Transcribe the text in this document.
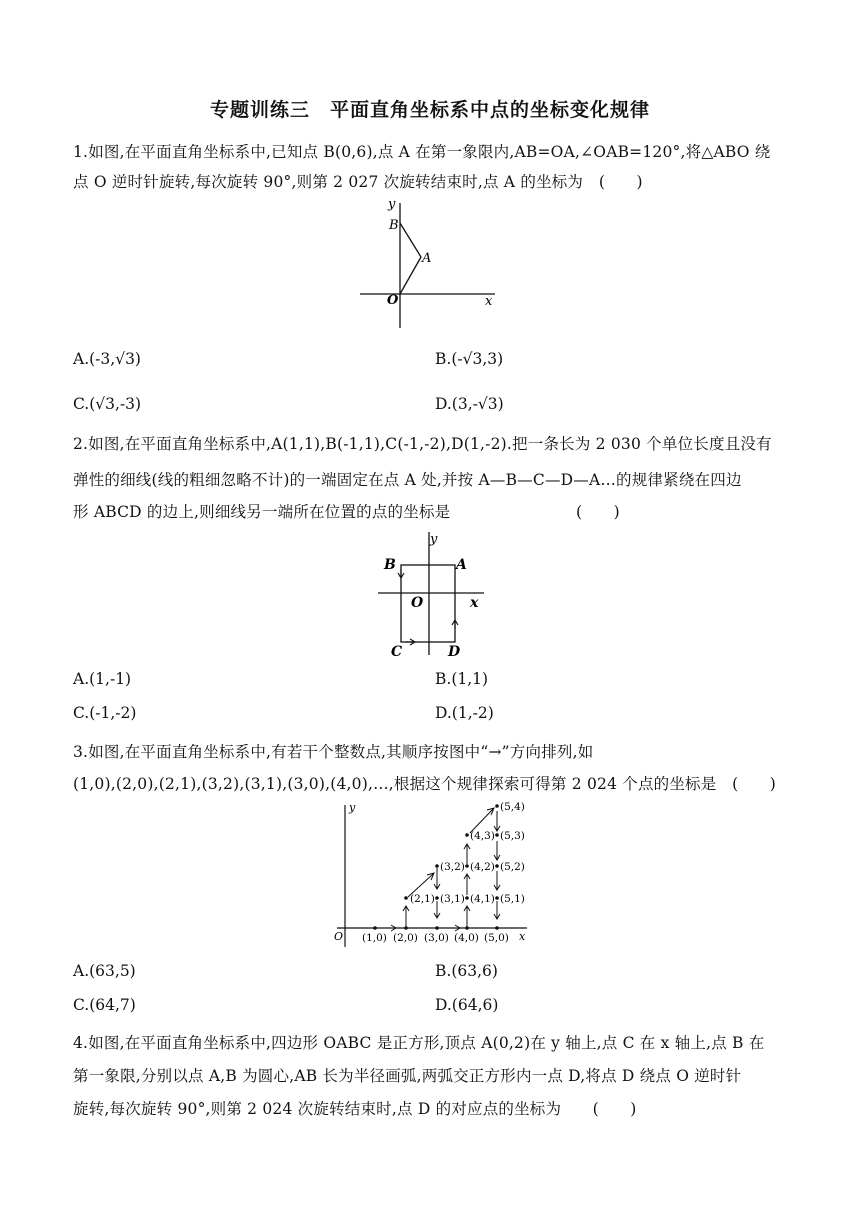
专题训练三　平面直角坐标系中点的坐标变化规律
1.如图,在平面直角坐标系中,已知点 B(0,6),点 A 在第一象限内,AB=OA,∠OAB=120°,将△ABO 绕
点 O 逆时针旋转,每次旋转 90°,则第 2 027 次旋转结束时,点 A 的坐标为　(　　)
y
x
B
A
O
A.(-3,√3)	B.(-√3,3)
C.(√3,-3)	D.(3,-√3)
2.如图,在平面直角坐标系中,A(1,1),B(-1,1),C(-1,-2),D(1,-2).把一条长为 2 030 个单位长度且没有
弹性的细线(线的粗细忽略不计)的一端固定在点 A 处,并按 A—B—C—D—A…的规律紧绕在四边
形 ABCD 的边上,则细线另一端所在位置的点的坐标是　　　　　　　　(　　)
y
x
B	A
O
C	D
A.(1,-1)	B.(1,1)
C.(-1,-2)	D.(1,-2)
3.如图,在平面直角坐标系中,有若干个整数点,其顺序按图中“→”方向排列,如
(1,0),(2,0),(2,1),(3,2),(3,1),(3,0),(4,0),…,根据这个规律探索可得第 2 024 个点的坐标是　(　　)
y
x
O (1,0) (2,0) (3,0) (4,0) (5,0)
(2,1) (3,1)
(3,2)
(4,1)
(4,2)
(4,3)
(5,1)
(5,2)
(5,3)
(5,4)
A.(63,5)	B.(63,6)
C.(64,7)	D.(64,6)
4.如图,在平面直角坐标系中,四边形 OABC 是正方形,顶点 A(0,2)在 y 轴上,点 C 在 x 轴上,点 B 在
第一象限,分别以点 A,B 为圆心,AB 长为半径画弧,两弧交正方形内一点 D,将点 D 绕点 O 逆时针
旋转,每次旋转 90°,则第 2 024 次旋转结束时,点 D 的对应点的坐标为　　(　　)
